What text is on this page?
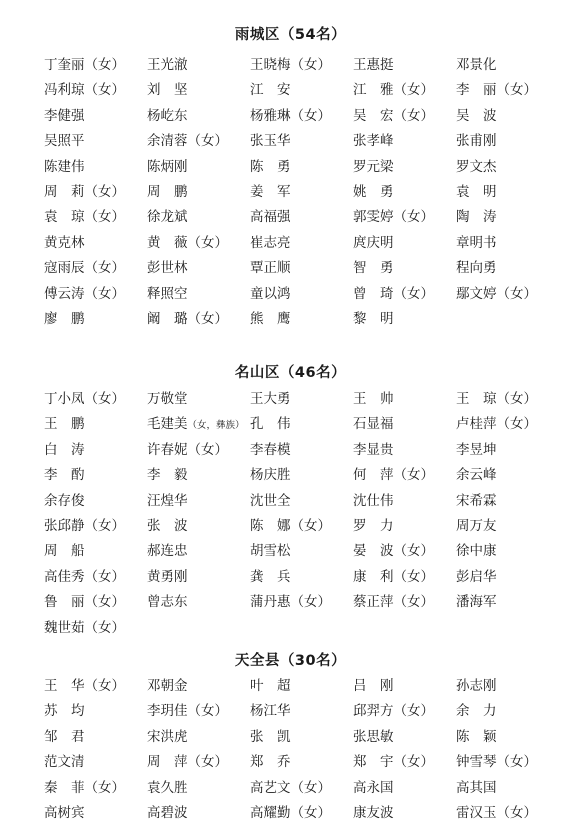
雨城区（54名）
丁奎丽（女）	王光澈	王晓梅（女）	王惠挺	邓景化
冯利琼（女）	刘　坚	江　安	江　雅（女）	李　丽（女）
李健强	杨屹东	杨雅琳（女）	吴　宏（女）	吴　波
吴照平	余清蓉（女）	张玉华	张孝峰	张甫刚
陈建伟	陈炳刚	陈　勇	罗元梁	罗文杰
周　莉（女）	周　鹏	姜　军	姚　勇	袁　明
袁　琼（女）	徐龙斌	高福强	郭雯婷（女）	陶　涛
黄克林	黄　薇（女）	崔志亮	庹庆明	章明书
寇雨辰（女）	彭世林	覃正顺	智　勇	程向勇
傅云涛（女）	释照空	童以鸿	曾　琦（女）	鄢文婷（女）
廖　鹏	阚　璐（女）	熊　鹰	黎　明
名山区（46名）
丁小凤（女）	万敬堂	王大勇	王　帅	王　琼（女）
王　鹏	毛建美（女，彝族） 孔　伟	石显福	卢桂萍（女）
白　涛	许春妮（女）	李春模	李显贵	李昱坤
李　酌	李　毅	杨庆胜	何　萍（女）	余云峰
余存俊	汪煌华	沈世全	沈仕伟	宋希霖
张邱静（女）	张　波	陈　娜（女）	罗　力	周万友
周　船	郝连忠	胡雪松	晏　波（女）	徐中康
高佳秀（女）	黄勇刚	龚　兵	康　利（女）	彭启华
鲁　丽（女）	曾志东	蒲丹惠（女）	蔡正萍（女）	潘海军
魏世茹（女）
天全县（30名）
王　华（女）	邓朝金	叶　超	吕　刚	孙志刚
苏　均	李玥佳（女）	杨江华	邱羿方（女）	余　力
邹　君	宋洪虎	张　凯	张思敏	陈　颖
范文清	周　萍（女）	郑　乔	郑　宇（女）	钟雪琴（女）
秦　菲（女）	袁久胜	高艺文（女）	高永国	高其国
高树宾	高碧波	高耀勤（女）	康友波	雷汉玉（女）
